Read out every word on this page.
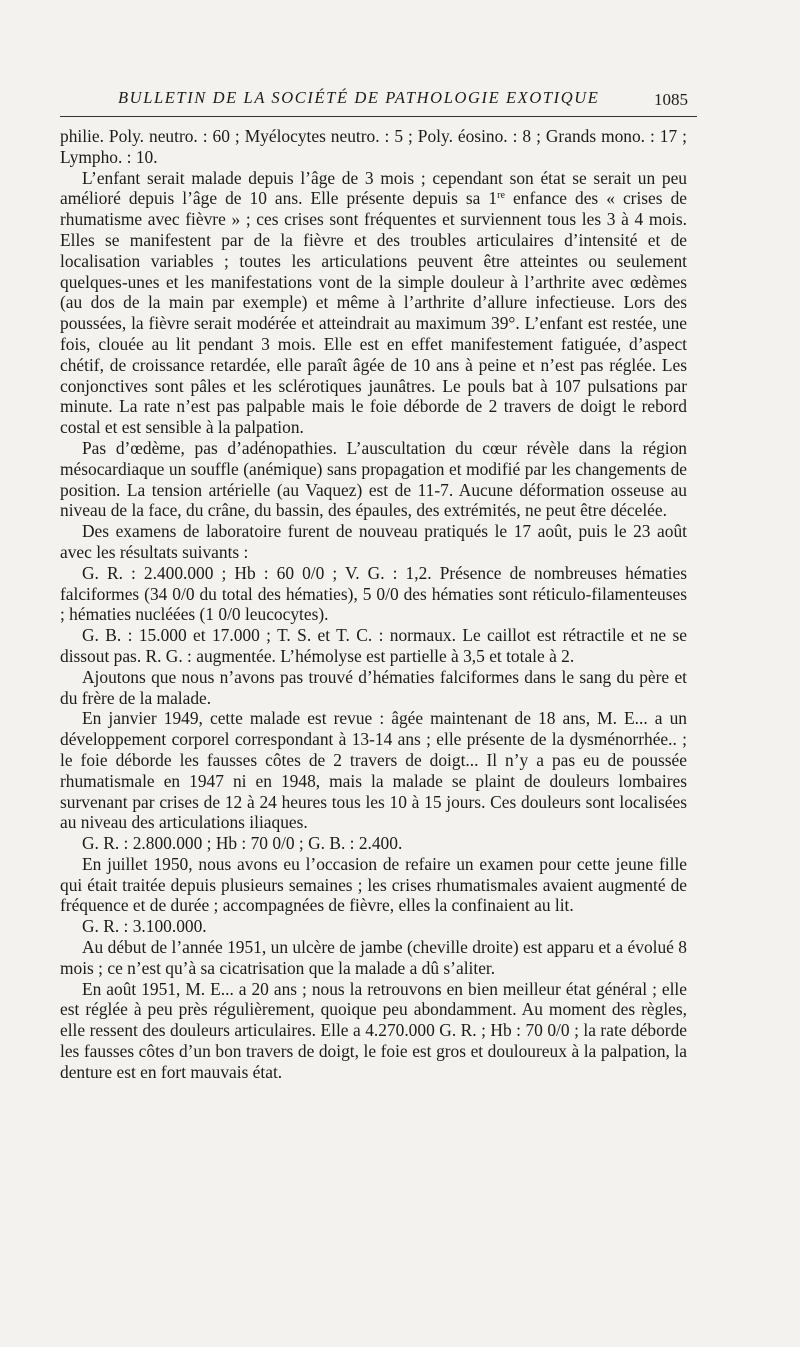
BULLETIN DE LA SOCIÉTÉ DE PATHOLOGIE EXOTIQUE	1085

philie. Poly. neutro. : 60 ; Myélocytes neutro. : 5 ; Poly. éosino. : 8 ; Grands mono. : 17 ; Lympho. : 10.

L’enfant serait malade depuis l’âge de 3 mois ; cependant son état se serait un peu amélioré depuis l’âge de 10 ans. Elle présente depuis sa 1re enfance des « crises de rhumatisme avec fièvre » ; ces crises sont fréquentes et surviennent tous les 3 à 4 mois. Elles se manifestent par de la fièvre et des troubles articulaires d’intensité et de localisation variables ; toutes les articulations peuvent être atteintes ou seulement quelques-unes et les manifestations vont de la simple douleur à l’arthrite avec œdèmes (au dos de la main par exemple) et même à l’arthrite d’allure infectieuse. Lors des poussées, la fièvre serait modérée et atteindrait au maximum 39°. L’enfant est restée, une fois, clouée au lit pendant 3 mois. Elle est en effet manifestement fatiguée, d’aspect chétif, de croissance retardée, elle paraît âgée de 10 ans à peine et n’est pas réglée. Les conjonctives sont pâles et les sclérotiques jaunâtres. Le pouls bat à 107 pulsations par minute. La rate n’est pas palpable mais le foie déborde de 2 travers de doigt le rebord costal et est sensible à la palpation.

Pas d’œdème, pas d’adénopathies. L’auscultation du cœur révèle dans la région mésocardiaque un souffle (anémique) sans propagation et modifié par les changements de position. La tension artérielle (au Vaquez) est de 11-7. Aucune déformation osseuse au niveau de la face, du crâne, du bassin, des épaules, des extrémités, ne peut être décelée.

Des examens de laboratoire furent de nouveau pratiqués le 17 août, puis le 23 août avec les résultats suivants :

G. R. : 2.400.000 ; Hb : 60 0/0 ; V. G. : 1,2. Présence de nombreuses hématies falciformes (34 0/0 du total des hématies), 5 0/0 des hématies sont réticulo-filamenteuses ; hématies nucléées (1 0/0 leucocytes).

G. B. : 15.000 et 17.000 ; T. S. et T. C. : normaux. Le caillot est rétractile et ne se dissout pas. R. G. : augmentée. L’hémolyse est partielle à 3,5 et totale à 2.

Ajoutons que nous n’avons pas trouvé d’hématies falciformes dans le sang du père et du frère de la malade.

En janvier 1949, cette malade est revue : âgée maintenant de 18 ans, M. E... a un développement corporel correspondant à 13-14 ans ; elle présente de la dysménorrhée.. ; le foie déborde les fausses côtes de 2 travers de doigt... Il n’y a pas eu de poussée rhumatismale en 1947 ni en 1948, mais la malade se plaint de douleurs lombaires survenant par crises de 12 à 24 heures tous les 10 à 15 jours. Ces douleurs sont localisées au niveau des articulations iliaques.

G. R. : 2.800.000 ; Hb : 70 0/0 ; G. B. : 2.400.

En juillet 1950, nous avons eu l’occasion de refaire un examen pour cette jeune fille qui était traitée depuis plusieurs semaines ; les crises rhumatismales avaient augmenté de fréquence et de durée ; accompagnées de fièvre, elles la confinaient au lit.

G. R. : 3.100.000.

Au début de l’année 1951, un ulcère de jambe (cheville droite) est apparu et a évolué 8 mois ; ce n’est qu’à sa cicatrisation que la malade a dû s’aliter.

En août 1951, M. E... a 20 ans ; nous la retrouvons en bien meilleur état général ; elle est réglée à peu près régulièrement, quoique peu abondamment. Au moment des règles, elle ressent des douleurs articulaires. Elle a 4.270.000 G. R. ; Hb : 70 0/0 ; la rate déborde les fausses côtes d’un bon travers de doigt, le foie est gros et douloureux à la palpation, la denture est en fort mauvais état.
